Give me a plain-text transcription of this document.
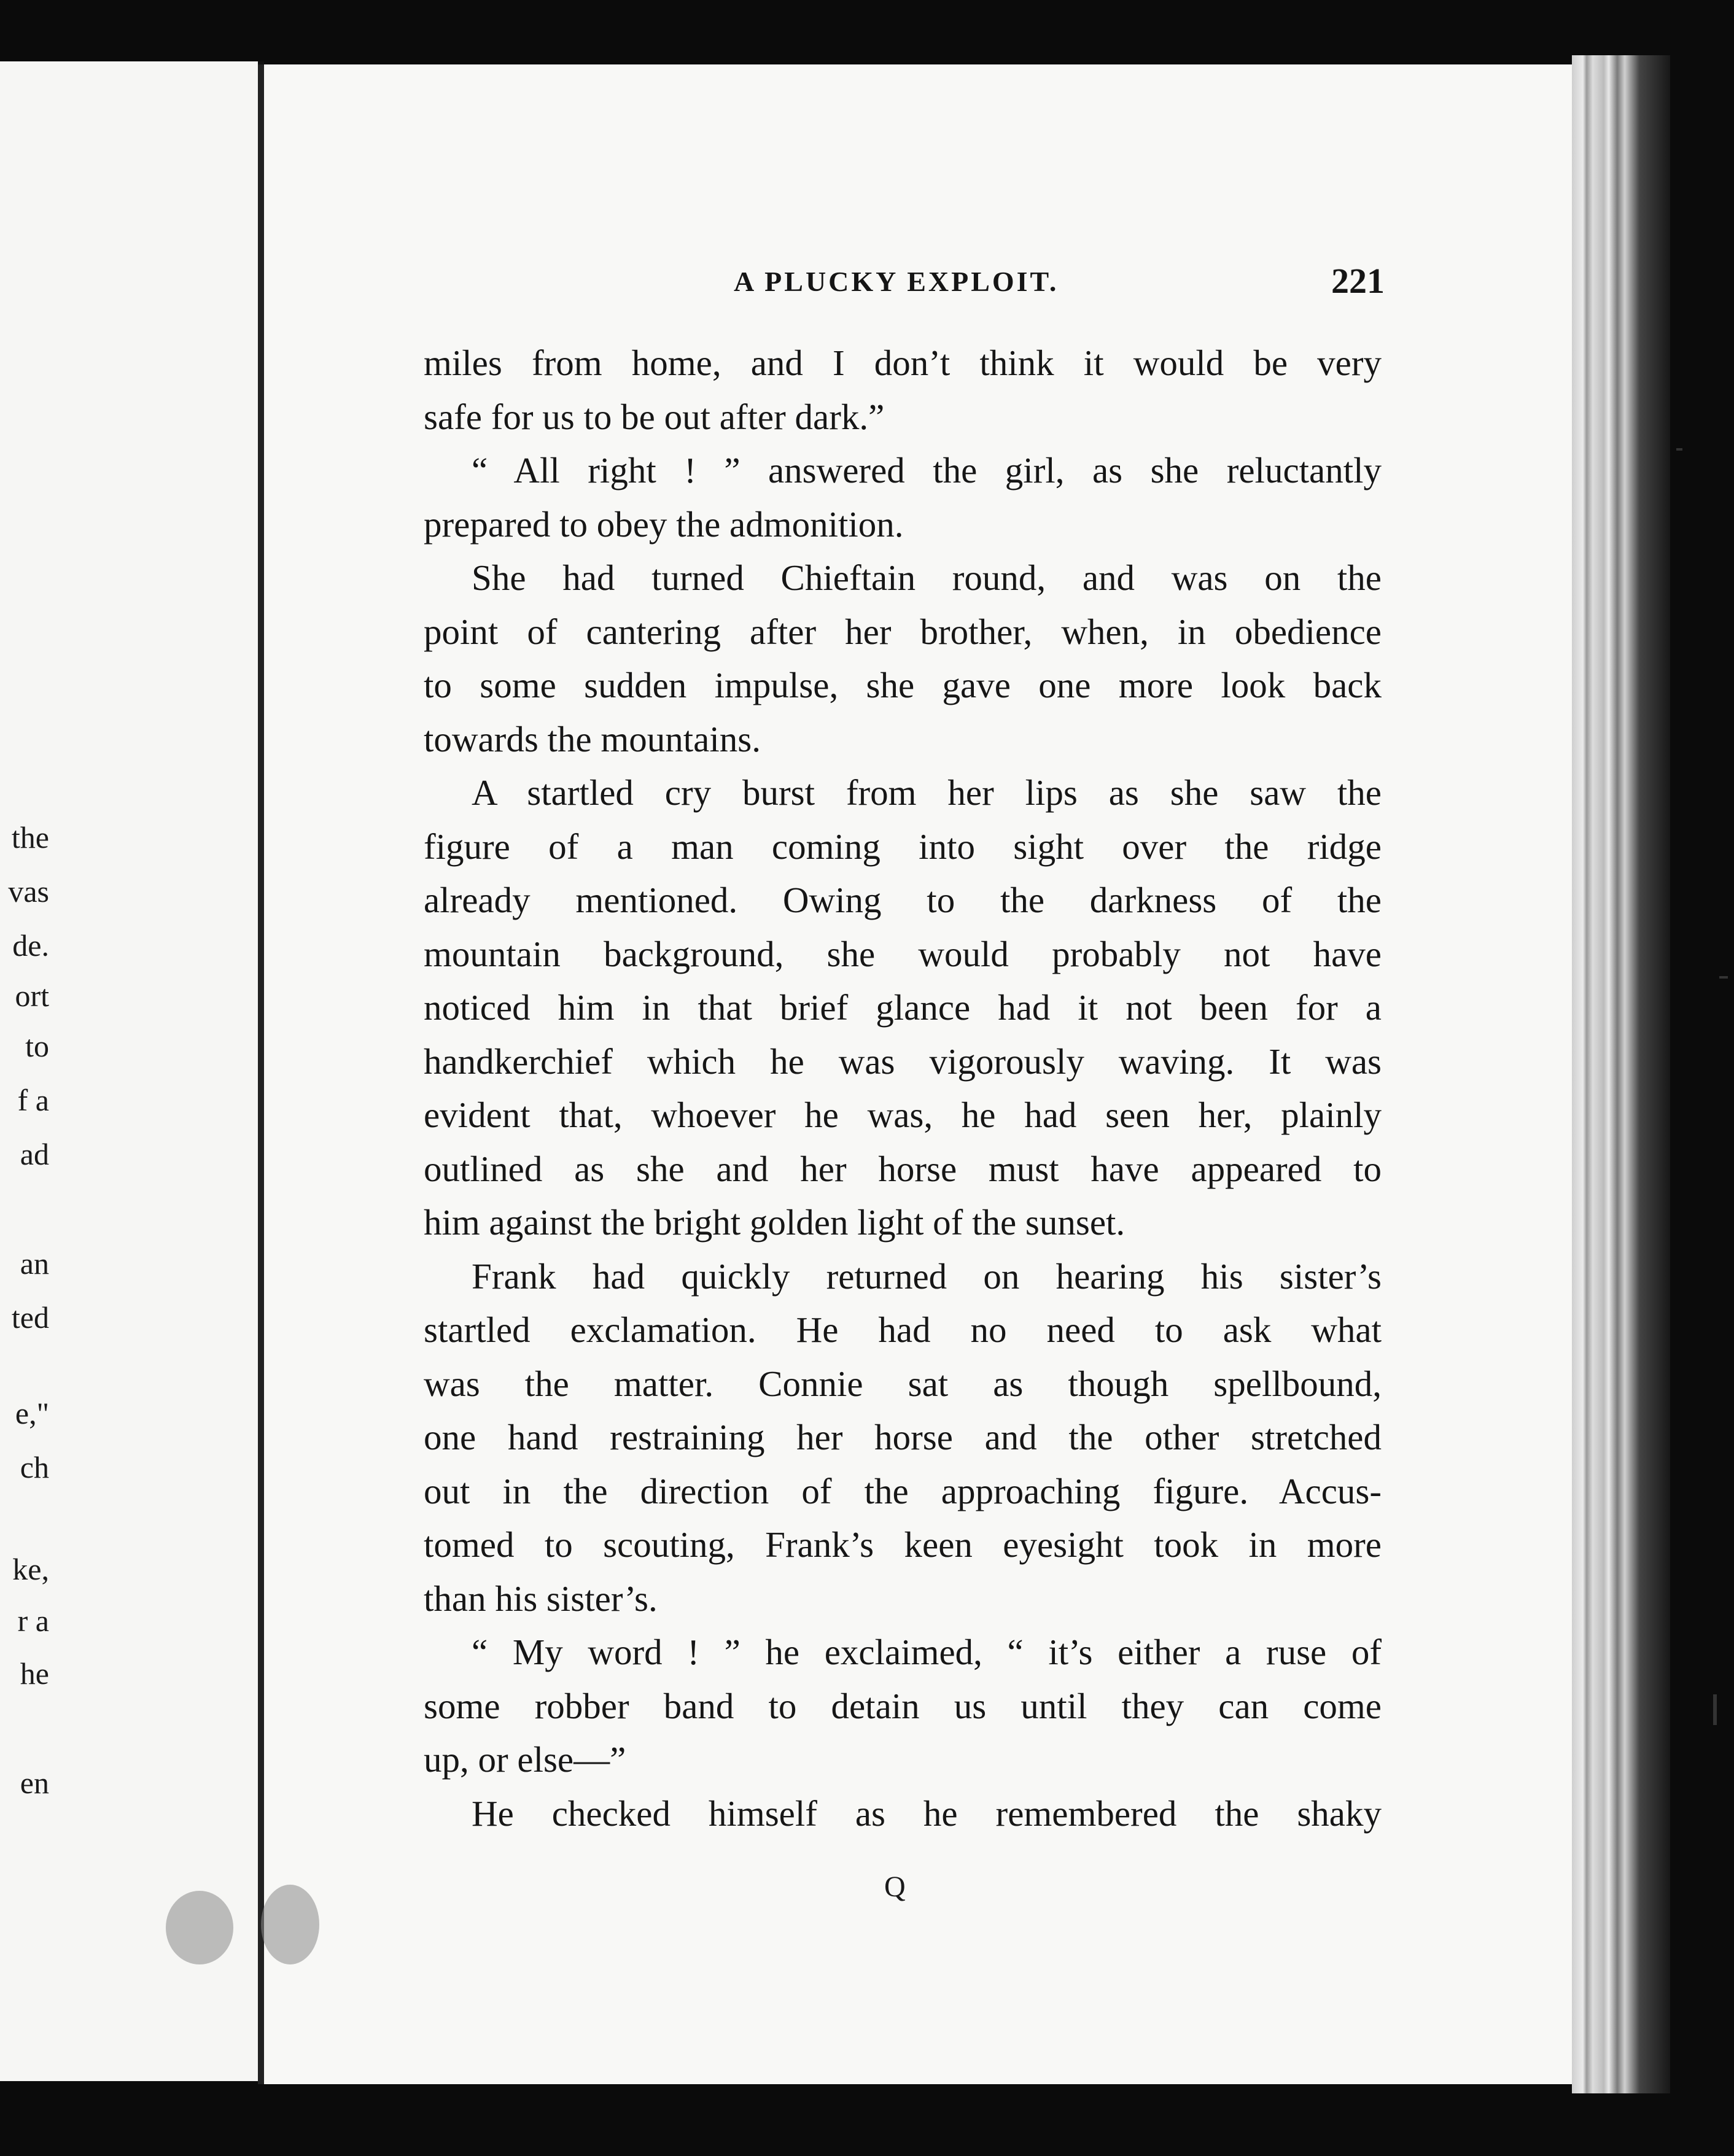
the
vas
de.
ort
to
f a
ad
an
ted
e,"
ch
ke,
r a
he
en
A PLUCKY EXPLOIT.	221
miles from home, and I don’t think it would be very
safe for us to be out after dark.”
“ All right ! ” answered the girl, as she reluctantly
prepared to obey the admonition.
She had turned Chieftain round, and was on the
point of cantering after her brother, when, in obedience
to some sudden impulse, she gave one more look back
towards the mountains.
A startled cry burst from her lips as she saw the
figure of a man coming into sight over the ridge
already mentioned. Owing to the darkness of the
mountain background, she would probably not have
noticed him in that brief glance had it not been for a
handkerchief which he was vigorously waving. It was
evident that, whoever he was, he had seen her, plainly
outlined as she and her horse must have appeared to
him against the bright golden light of the sunset.
Frank had quickly returned on hearing his sister’s
startled exclamation. He had no need to ask what
was the matter. Connie sat as though spellbound,
one hand restraining her horse and the other stretched
out in the direction of the approaching figure. Accus-
tomed to scouting, Frank’s keen eyesight took in more
than his sister’s.
“ My word ! ” he exclaimed, “ it’s either a ruse of
some robber band to detain us until they can come
up, or else—”
He checked himself as he remembered the shaky
Q
